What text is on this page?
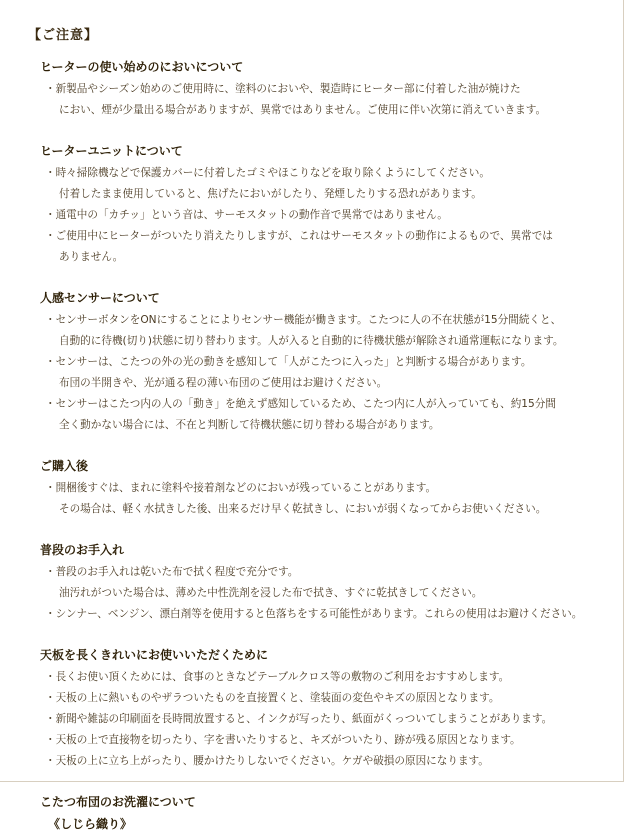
【ご注意】
ヒーターの使い始めのにおいについて
・新製品やシーズン始めのご使用時に、塗料のにおいや、製造時にヒーター部に付着した油が焼けた
におい、煙が少量出る場合がありますが、異常ではありません。ご使用に伴い次第に消えていきます。
ヒーターユニットについて
・時々掃除機などで保護カバーに付着したゴミやほこりなどを取り除くようにしてください。
付着したまま使用していると、焦げたにおいがしたり、発煙したりする恐れがあります。
・通電中の「カチッ」という音は、サーモスタットの動作音で異常ではありません。
・ご使用中にヒーターがついたり消えたりしますが、これはサーモスタットの動作によるもので、異常では
ありません。
人感センサーについて
・センサーボタンをONにすることによりセンサー機能が働きます。こたつに人の不在状態が15分間続くと、
自動的に待機(切り)状態に切り替わります。人が入ると自動的に待機状態が解除され通常運転になります。
・センサーは、こたつの外の光の動きを感知して「人がこたつに入った」と判断する場合があります。
布団の半開きや、光が通る程の薄い布団のご使用はお避けください。
・センサーはこたつ内の人の「動き」を絶えず感知しているため、こたつ内に人が入っていても、約15分間
全く動かない場合には、不在と判断して待機状態に切り替わる場合があります。
ご購入後
・開梱後すぐは、まれに塗料や接着剤などのにおいが残っていることがあります。
その場合は、軽く水拭きした後、出来るだけ早く乾拭きし、においが弱くなってからお使いください。
普段のお手入れ
・普段のお手入れは乾いた布で拭く程度で充分です。
油汚れがついた場合は、薄めた中性洗剤を浸した布で拭き、すぐに乾拭きしてください。
・シンナー、ベンジン、漂白剤等を使用すると色落ちをする可能性があります。これらの使用はお避けください。
天板を長くきれいにお使いいただくために
・長くお使い頂くためには、食事のときなどテーブルクロス等の敷物のご利用をおすすめします。
・天板の上に熱いものやザラついたものを直接置くと、塗装面の変色やキズの原因となります。
・新聞や雑誌の印刷面を長時間放置すると、インクが写ったり、紙面がくっついてしまうことがあります。
・天板の上で直接物を切ったり、字を書いたりすると、キズがついたり、跡が残る原因となります。
・天板の上に立ち上がったり、腰かけたりしないでください。ケガや破損の原因になります。
こたつ布団のお洗濯について
《しじら織り》
